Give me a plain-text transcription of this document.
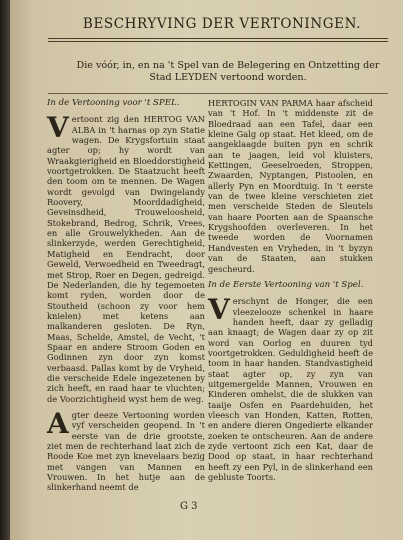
BESCHRYVING DER VERTONINGEN.
Die vóór, in, en na 't Spel van de Belegering en Ontzetting der Stad LEYDEN vertoond worden.
In de Vertooning voor 't SPEL.

Vertoont zig den HERTOG VAN ALBA in 't harnas op zyn Statie wagen. De Krygsfortuin staat agter op; hy wordt van Wraakgierigheid en Bloeddorstigheid voortgetrokken. De Staatzucht heeft den toom om te mennen. De Wagen wordt gevolgd van Dwingelandy Roovery, Moorddadigheid, Geveinsdheid, Trouweloosheid, Stokebrand, Bedrog, Schrik, Vrees, en alle Grouwelykheden. Aan de slinkerzyde, werden Gerechtigheid, Matigheid en Eendracht, door Geweld, Verwoedheid en Tweedragt, met Strop, Roer en Degen, gedreigd. De Nederlanden, die hy tegemoeten komt ryden, worden door de Stoutheid (schoon zy voor hem knielen) met ketens aan malkanderen gesloten. De Ryn, Maas, Schelde, Amstel, de Vecht, 't Spaar en andere Stroom Goden en Godinnen zyn door zyn komst verbaasd. Pallas komt by de Vryheid, die verscheide Edele ingezetenen by zich heeft, en raad haar te vluchten; de Voorzichtigheid wyst hem de weg.

Agter deeze Vertooning worden vyf verscheiden geopend. In 't eerste van de drie grootste, ziet men de rechterhand laat zich de Roode Koe met zyn knevelaars bezig met vangen van Mannen en Vrouwen. In het hutje aan de slinkerhand neemt de

HERTOGIN VAN PARMA haar afscheid van 't Hof. In 't middenste zit de Bloedraad aan een Tafel, daar een kleine Galg op staat. Het kleed, om de aangeklaagde buiten pyn en schrik aan te jaagen, leid vol kluisters, Kettingen, Geeselroeden, Stroppen, Zwaarden, Nyptangen, Pistoolen, en allerly Pyn en Moordtuig. In 't eerste van de twee kleine verschieten ziet men verscheide Steden de Sleutels van haare Poorten aan de Spaansche Krygshoofden overleveren. In het tweede worden de Voornamen Handvesten en Vryheden, in 't byzyn van de Staaten, aan stukken gescheurd.

In de Eerste Vertooning van 't Spel.

Verschynt de Honger, die een vleezelooze schenkel in haare handen heeft, daar zy gelladig aan knaagt; de Wagen daar zy op zit word van Oorlog en duuren tyd voortgetrokken. Geduldigheid heeft de toom in haar handen. Standvastigheid staat agter op, zy zyn van uitgemergelde Mannen, Vrouwen en Kinderen omhelst, die de slukken van taaije Osfen en Paardehuiden, het vleesch van Honden, Katten, Rotten, en andere dieren Ongedierte elkander zoeken te ontscheuren. Aan de andere zyde vertoont zich een Kat, daar de Dood op staat, in haar rechterhand heeft zy een Pyl, in de slinkerhand een gebluste Toorts.

G 3
